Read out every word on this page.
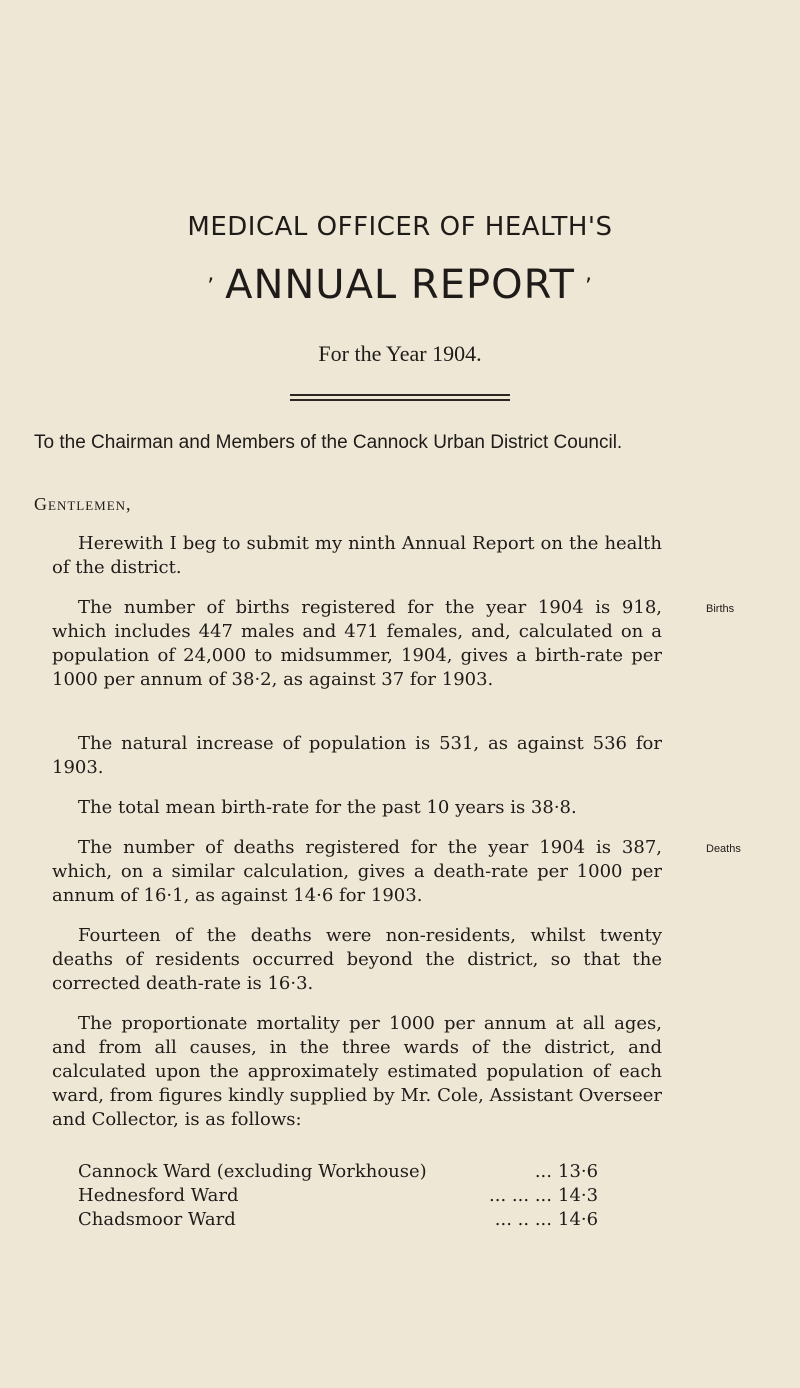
MEDICAL OFFICER OF HEALTH'S
’ ANNUAL REPORT ’
For the Year 1904.
To the Chairman and Members of the Cannock Urban District Council.
Gentlemen,
Herewith I beg to submit my ninth Annual Report on the health of the district.
The number of births registered for the year 1904 is 918, which includes 447 males and 471 females, and, calculated on a population of 24,000 to midsummer, 1904, gives a birth-rate per 1000 per annum of 38·2, as against 37 for 1903.
Births
The natural increase of population is 531, as against 536 for 1903.
The total mean birth-rate for the past 10 years is 38·8.
The number of deaths registered for the year 1904 is 387, which, on a similar calculation, gives a death-rate per 1000 per annum of 16·1, as against 14·6 for 1903.
Deaths
Fourteen of the deaths were non-residents, whilst twenty deaths of residents occurred beyond the district, so that the corrected death-rate is 16·3.
The proportionate mortality per 1000 per annum at all ages, and from all causes, in the three wards of the district, and calculated upon the approximately estimated population of each ward, from figures kindly supplied by Mr. Cole, Assistant Overseer and Collector, is as follows:
Cannock Ward (excluding Workhouse)	... 13·6
Hednesford Ward	... ... ... 14·3
Chadsmoor Ward	... .. ... 14·6
